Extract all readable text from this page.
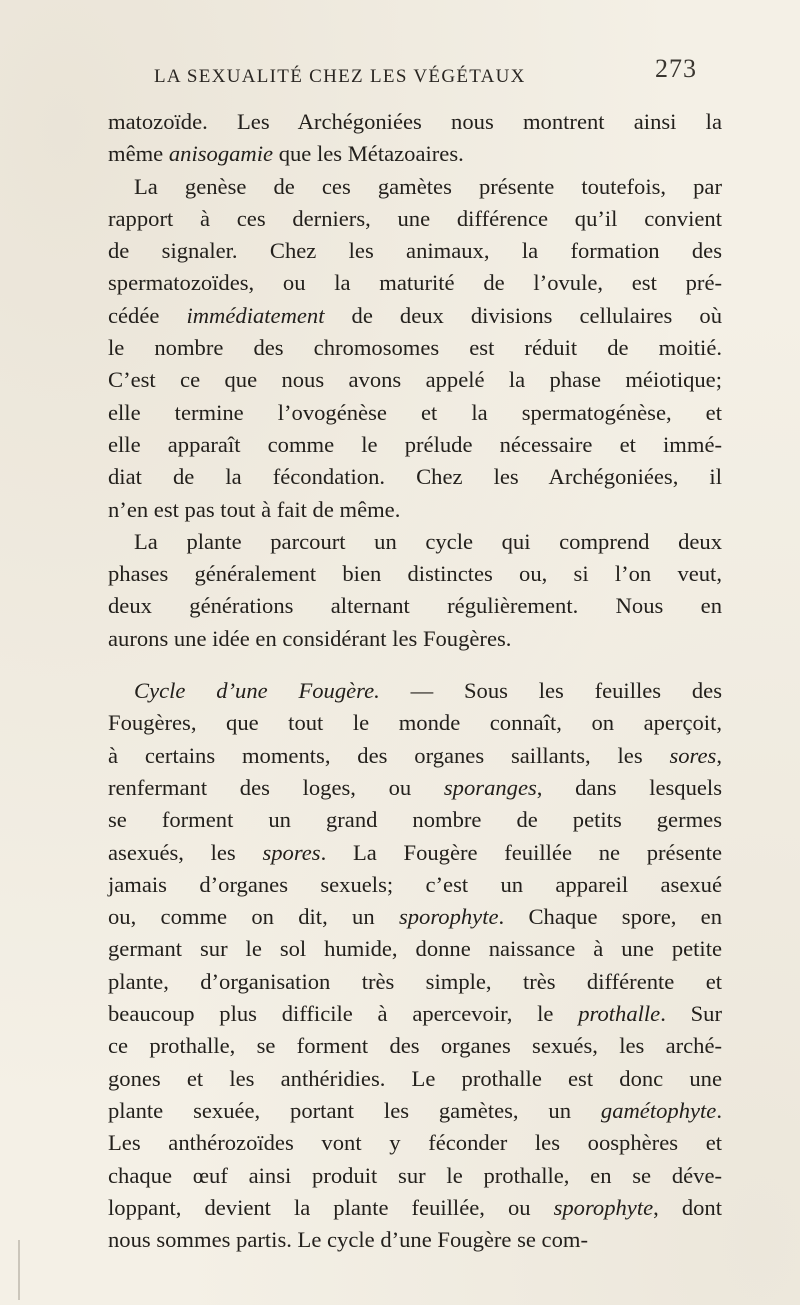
LA SEXUALITÉ CHEZ LES VÉGÉTAUX	273
matozoïde. Les Archégoniées nous montrent ainsi la
même anisogamie que les Métazoaires.
La genèse de ces gamètes présente toutefois, par
rapport à ces derniers, une différence qu’il convient
de signaler. Chez les animaux, la formation des
spermatozoïdes, ou la maturité de l’ovule, est pré-
cédée immédiatement de deux divisions cellulaires où
le nombre des chromosomes est réduit de moitié.
C’est ce que nous avons appelé la phase méiotique;
elle termine l’ovogénèse et la spermatogénèse, et
elle apparaît comme le prélude nécessaire et immé-
diat de la fécondation. Chez les Archégoniées, il
n’en est pas tout à fait de même.
La plante parcourt un cycle qui comprend deux
phases généralement bien distinctes ou, si l’on veut,
deux générations alternant régulièrement. Nous en
aurons une idée en considérant les Fougères.
Cycle d’une Fougère. — Sous les feuilles des
Fougères, que tout le monde connaît, on aperçoit,
à certains moments, des organes saillants, les sores,
renfermant des loges, ou sporanges, dans lesquels
se forment un grand nombre de petits germes
asexués, les spores. La Fougère feuillée ne présente
jamais d’organes sexuels; c’est un appareil asexué
ou, comme on dit, un sporophyte. Chaque spore, en
germant sur le sol humide, donne naissance à une petite
plante, d’organisation très simple, très différente et
beaucoup plus difficile à apercevoir, le prothalle. Sur
ce prothalle, se forment des organes sexués, les arché-
gones et les anthéridies. Le prothalle est donc une
plante sexuée, portant les gamètes, un gamétophyte.
Les anthérozoïdes vont y féconder les oosphères et
chaque œuf ainsi produit sur le prothalle, en se déve-
loppant, devient la plante feuillée, ou sporophyte, dont
nous sommes partis. Le cycle d’une Fougère se com-
